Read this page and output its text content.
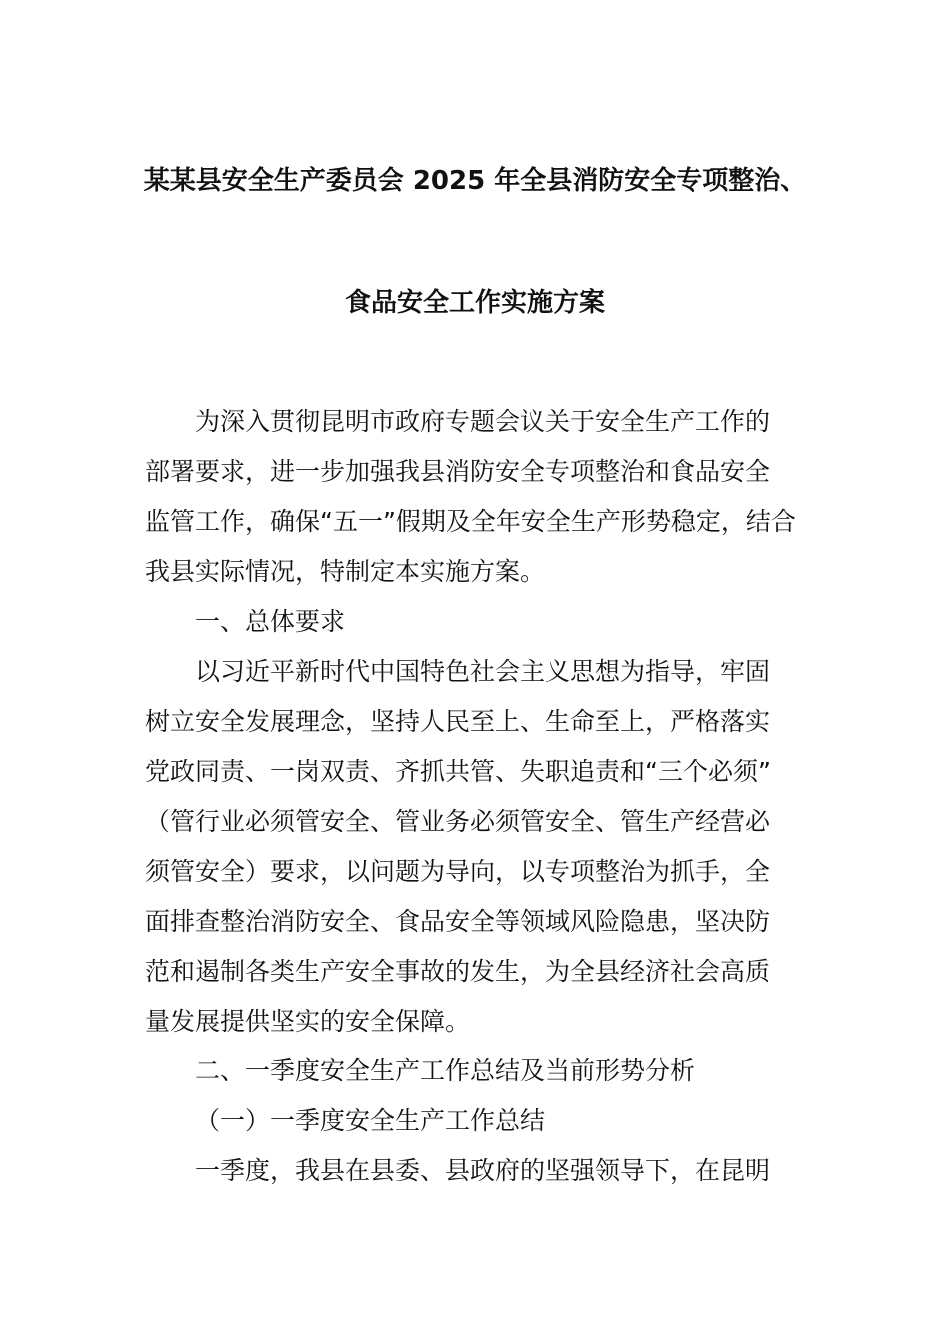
某某县安全生产委员会 2025 年全县消防安全专项整治、
食品安全工作实施方案
为深入贯彻昆明市政府专题会议关于安全生产工作的
部署要求，进一步加强我县消防安全专项整治和食品安全
监管工作，确保“五一”假期及全年安全生产形势稳定，结合
我县实际情况，特制定本实施方案。
一、总体要求
以习近平新时代中国特色社会主义思想为指导，牢固
树立安全发展理念，坚持人民至上、生命至上，严格落实
党政同责、一岗双责、齐抓共管、失职追责和“三个必须”
（管行业必须管安全、管业务必须管安全、管生产经营必
须管安全）要求，以问题为导向，以专项整治为抓手，全
面排查整治消防安全、食品安全等领域风险隐患，坚决防
范和遏制各类生产安全事故的发生，为全县经济社会高质
量发展提供坚实的安全保障。
二、一季度安全生产工作总结及当前形势分析
（一）一季度安全生产工作总结
一季度，我县在县委、县政府的坚强领导下，在昆明
